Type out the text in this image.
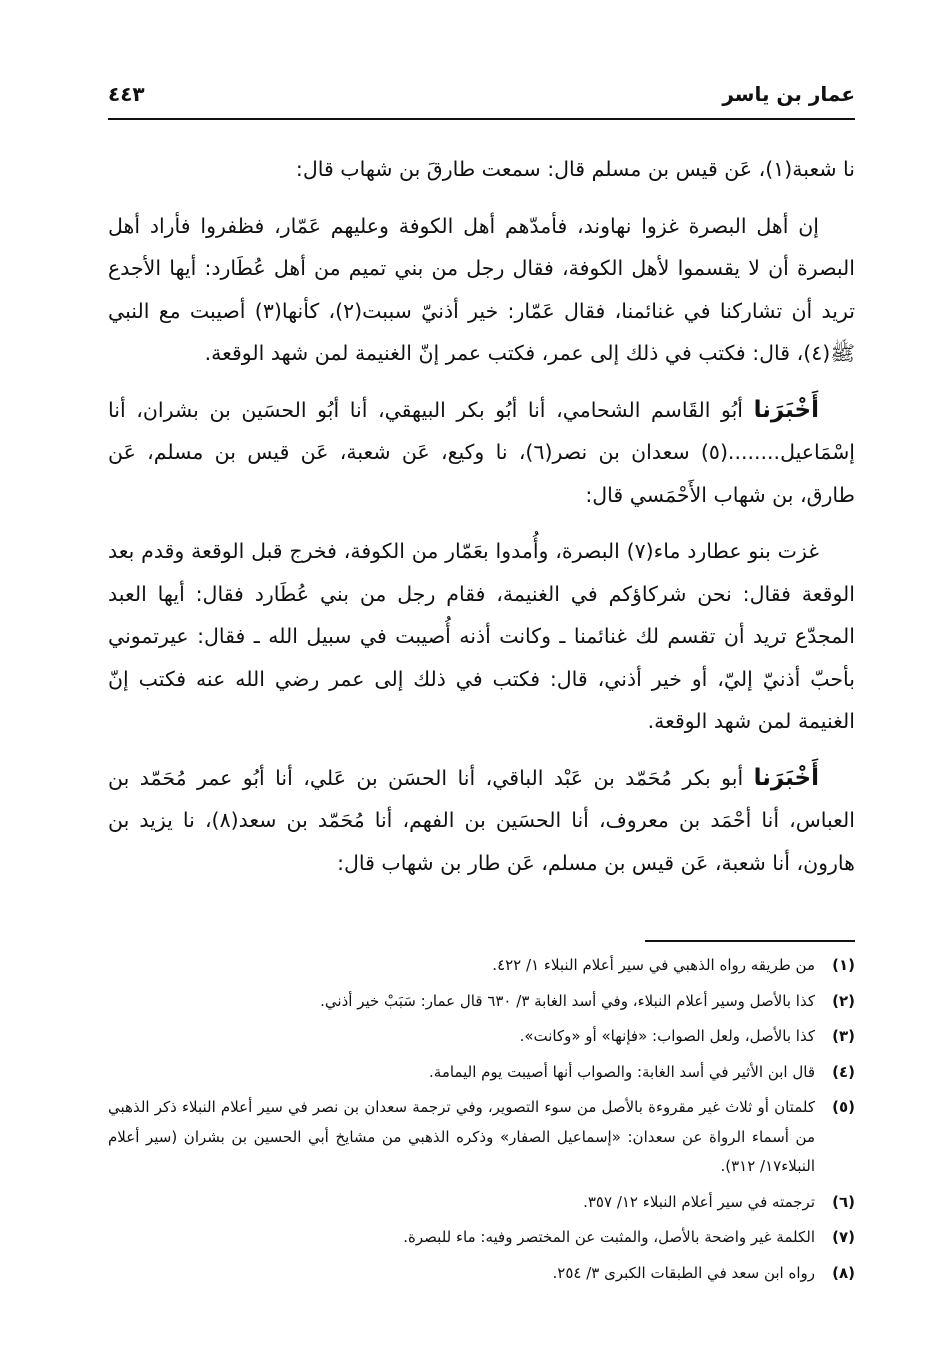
عمار بن ياسر
٤٤٣

نا شعبة(١)، عَن قيس بن مسلم قال: سمعت طارقَ بن شهاب قال:

إن أهل البصرة غزوا نهاوند، فأمدّهم أهل الكوفة وعليهم عَمّار، فظفروا فأراد أهل البصرة أن لا يقسموا لأهل الكوفة، فقال رجل من بني تميم من أهل عُطَارد: أيها الأجدع تريد أن تشاركنا في غنائمنا، فقال عَمّار: خير أذنيّ سببت(٢)، كأنها(٣) أصيبت مع النبي ﷺ(٤)، قال: فكتب في ذلك إلى عمر، فكتب عمر إنّ الغنيمة لمن شهد الوقعة.

أَخْبَرَنا أبُو القَاسم الشحامي، أنا أبُو بكر البيهقي، أنا أبُو الحسَين بن بشران، أنا إسْمَاعيل........(٥) سعدان بن نصر(٦)، نا وكيع، عَن شعبة، عَن قيس بن مسلم، عَن طارق، بن شهاب الأَحْمَسي قال:

غزت بنو عطارد ماء(٧) البصرة، وأُمدوا بعَمّار من الكوفة، فخرج قبل الوقعة وقدم بعد الوقعة فقال: نحن شركاؤكم في الغنيمة، فقام رجل من بني عُطَارد فقال: أيها العبد المجدّع تريد أن تقسم لك غنائمنا ـ وكانت أذنه أُصيبت في سبيل الله ـ فقال: عيرتموني بأحبّ أذنيّ إليّ، أو خير أذني، قال: فكتب في ذلك إلى عمر رضي الله عنه فكتب إنّ الغنيمة لمن شهد الوقعة.

أَخْبَرَنا أبو بكر مُحَمّد بن عَبْد الباقي، أنا الحسَن بن عَلي، أنا أبُو عمر مُحَمّد بن العباس، أنا أحْمَد بن معروف، أنا الحسَين بن الفهم، أنا مُحَمّد بن سعد(٨)، نا يزيد بن هارون، أنا شعبة، عَن قيس بن مسلم، عَن طار بن شهاب قال:

(١)
من طريقه رواه الذهبي في سير أعلام النبلاء ١/ ٤٢٢.
(٢)
كذا بالأصل وسير أعلام النبلاء، وفي أسد الغابة ٣/ ٦٣٠ قال عمار: سَبَبْ خير أذني.
(٣)
كذا بالأصل، ولعل الصواب: «فإنها» أو «وكانت».
(٤)
قال ابن الأثير في أسد الغابة: والصواب أنها أصيبت يوم اليمامة.
(٥)
كلمتان أو ثلاث غير مقروءة بالأصل من سوء التصوير، وفي ترجمة سعدان بن نصر في سير أعلام النبلاء ذكر الذهبي من أسماء الرواة عن سعدان: «إسماعيل الصفار» وذكره الذهبي من مشايخ أبي الحسين بن بشران (سير أعلام النبلاء١٧/ ٣١٢).
(٦)
ترجمته في سير أعلام النبلاء ١٢/ ٣٥٧.
(٧)
الكلمة غير واضحة بالأصل، والمثبت عن المختصر وفيه: ماء للبصرة.
(٨)
رواه ابن سعد في الطبقات الكبرى ٣/ ٢٥٤.
